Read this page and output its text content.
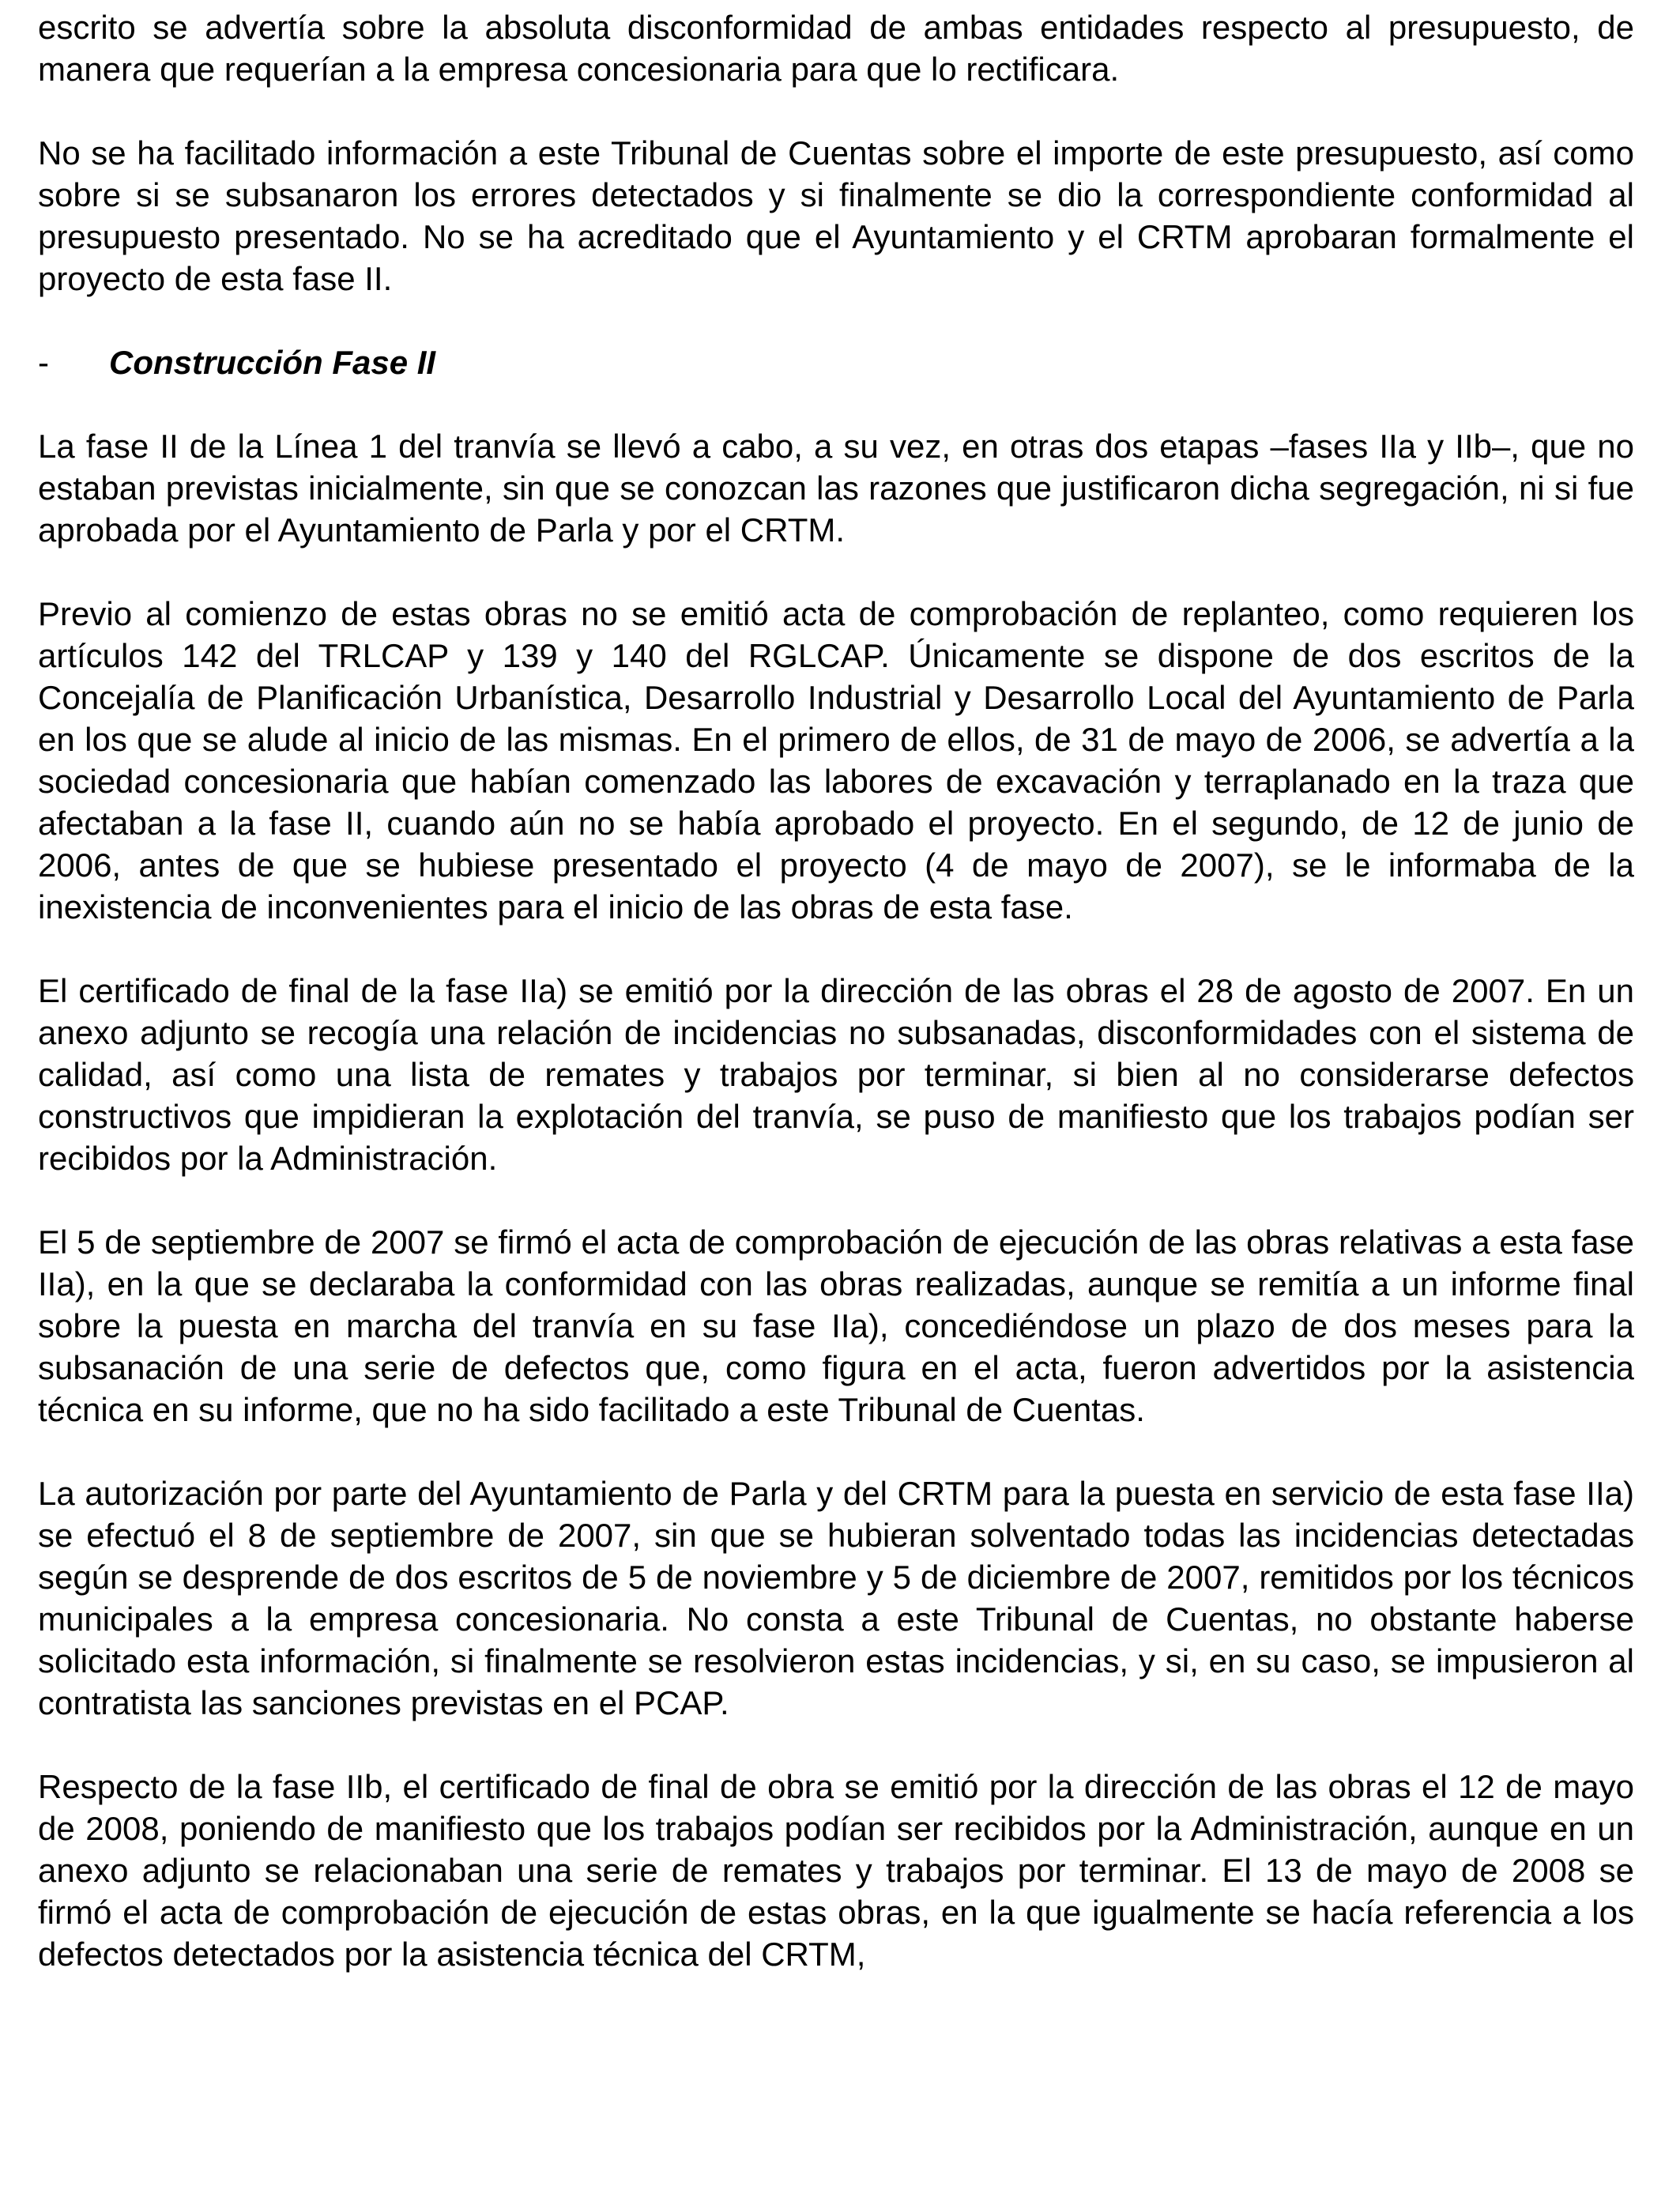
escrito se advertía sobre la absoluta disconformidad de ambas entidades respecto al presupuesto, de manera que requerían a la empresa concesionaria para que lo rectificara.

No se ha facilitado información a este Tribunal de Cuentas sobre el importe de este presupuesto, así como sobre si se subsanaron los errores detectados y si finalmente se dio la correspondiente conformidad al presupuesto presentado. No se ha acreditado que el Ayuntamiento y el CRTM aprobaran formalmente el proyecto de esta fase II.

-	Construcción Fase II

La fase II de la Línea 1 del tranvía se llevó a cabo, a su vez, en otras dos etapas –fases IIa y IIb–, que no estaban previstas inicialmente, sin que se conozcan las razones que justificaron dicha segregación, ni si fue aprobada por el Ayuntamiento de Parla y por el CRTM.

Previo al comienzo de estas obras no se emitió acta de comprobación de replanteo, como requieren los artículos 142 del TRLCAP y 139 y 140 del RGLCAP. Únicamente se dispone de dos escritos de la Concejalía de Planificación Urbanística, Desarrollo Industrial y Desarrollo Local del Ayuntamiento de Parla en los que se alude al inicio de las mismas. En el primero de ellos, de 31 de mayo de 2006, se advertía a la sociedad concesionaria que habían comenzado las labores de excavación y terraplanado en la traza que afectaban a la fase II, cuando aún no se había aprobado el proyecto. En el segundo, de 12 de junio de 2006, antes de que se hubiese presentado el proyecto (4 de mayo de 2007), se le informaba de la inexistencia de inconvenientes para el inicio de las obras de esta fase.

El certificado de final de la fase IIa) se emitió por la dirección de las obras el 28 de agosto de 2007. En un anexo adjunto se recogía una relación de incidencias no subsanadas, disconformidades con el sistema de calidad, así como una lista de remates y trabajos por terminar, si bien al no considerarse defectos constructivos que impidieran la explotación del tranvía, se puso de manifiesto que los trabajos podían ser recibidos por la Administración.

El 5 de septiembre de 2007 se firmó el acta de comprobación de ejecución de las obras relativas a esta fase IIa), en la que se declaraba la conformidad con las obras realizadas, aunque se remitía a un informe final sobre la puesta en marcha del tranvía en su fase IIa), concediéndose un plazo de dos meses para la subsanación de una serie de defectos que, como figura en el acta, fueron advertidos por la asistencia técnica en su informe, que no ha sido facilitado a este Tribunal de Cuentas.

La autorización por parte del Ayuntamiento de Parla y del CRTM para la puesta en servicio de esta fase IIa) se efectuó el 8 de septiembre de 2007, sin que se hubieran solventado todas las incidencias detectadas según se desprende de dos escritos de 5 de noviembre y 5 de diciembre de 2007, remitidos por los técnicos municipales a la empresa concesionaria. No consta a este Tribunal de Cuentas, no obstante haberse solicitado esta información, si finalmente se resolvieron estas incidencias, y si, en su caso, se impusieron al contratista las sanciones previstas en el PCAP.

Respecto de la fase IIb, el certificado de final de obra se emitió por la dirección de las obras el 12 de mayo de 2008, poniendo de manifiesto que los trabajos podían ser recibidos por la Administración, aunque en un anexo adjunto se relacionaban una serie de remates y trabajos por terminar. El 13 de mayo de 2008 se firmó el acta de comprobación de ejecución de estas obras, en la que igualmente se hacía referencia a los defectos detectados por la asistencia técnica del CRTM,
